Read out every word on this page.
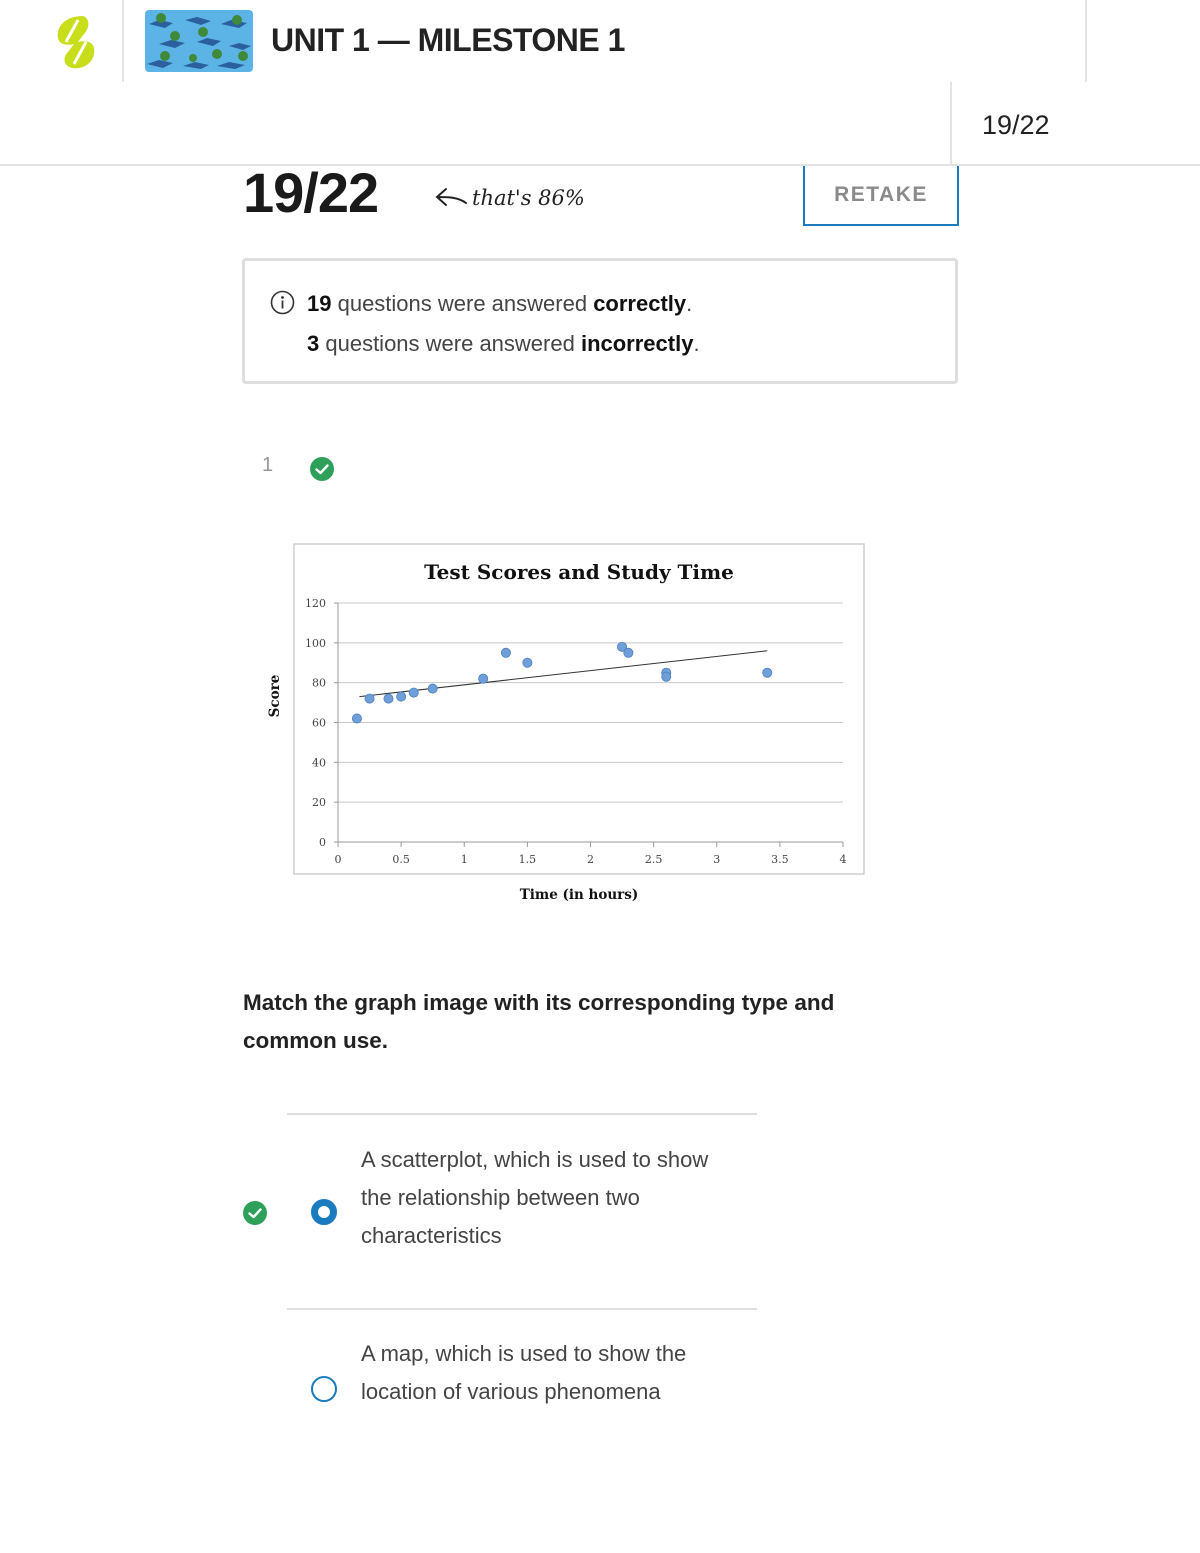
UNIT 1 — MILESTONE 1
19/22
19/22	that's 86%	RETAKE
19 questions were answered correctly.
3 questions were answered incorrectly.
1
0
20
40
60
80
100
120
0	0.5	1	1.5	2	2.5	3	3.5	4
Test Scores and Study Time
Time (in hours)
Score
Match the graph image with its corresponding type and common use.
A scatterplot, which is used to show the relationship between two characteristics
A map, which is used to show the location of various phenomena
